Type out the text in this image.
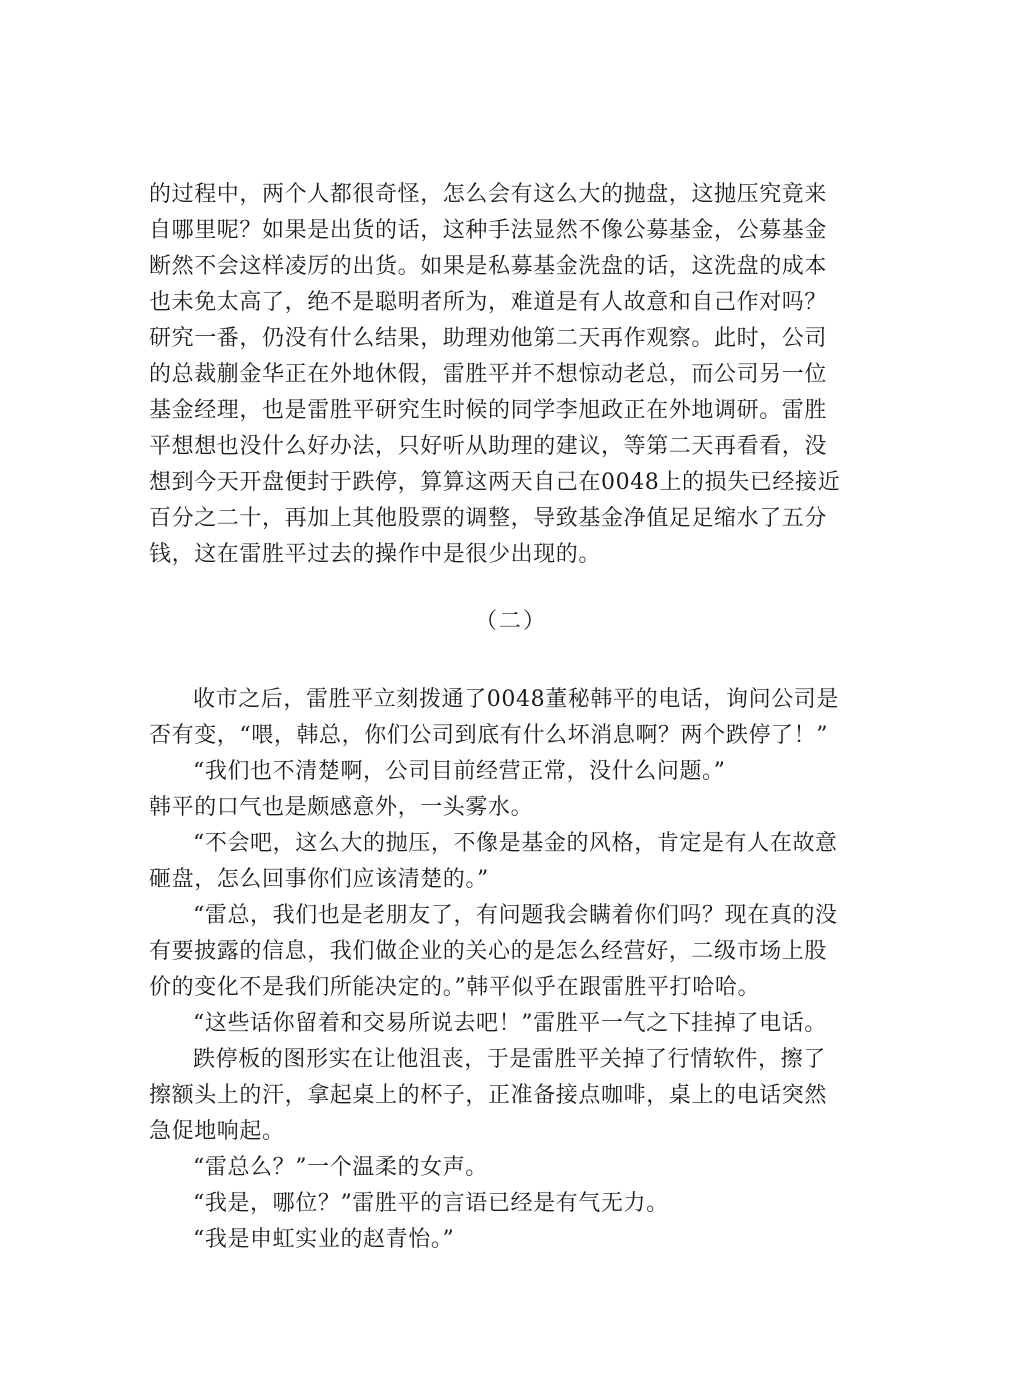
的过程中，两个人都很奇怪，怎么会有这么大的抛盘，这抛压究竟来
自哪里呢？如果是出货的话，这种手法显然不像公募基金，公募基金
断然不会这样凌厉的出货。如果是私募基金洗盘的话，这洗盘的成本
也未免太高了，绝不是聪明者所为，难道是有人故意和自己作对吗？
研究一番，仍没有什么结果，助理劝他第二天再作观察。此时，公司
的总裁蒯金华正在外地休假，雷胜平并不想惊动老总，而公司另一位
基金经理，也是雷胜平研究生时候的同学李旭政正在外地调研。雷胜
平想想也没什么好办法，只好听从助理的建议，等第二天再看看，没
想到今天开盘便封于跌停，算算这两天自己在0048上的损失已经接近
百分之二十，再加上其他股票的调整，导致基金净值足足缩水了五分
钱，这在雷胜平过去的操作中是很少出现的。
（二）
收市之后，雷胜平立刻拨通了0048董秘韩平的电话，询问公司是
否有变，“喂，韩总，你们公司到底有什么坏消息啊？两个跌停了！”
“我们也不清楚啊，公司目前经营正常，没什么问题。”
韩平的口气也是颇感意外，一头雾水。
“不会吧，这么大的抛压，不像是基金的风格，肯定是有人在故意
砸盘，怎么回事你们应该清楚的。”
“雷总，我们也是老朋友了，有问题我会瞒着你们吗？现在真的没
有要披露的信息，我们做企业的关心的是怎么经营好，二级市场上股
价的变化不是我们所能决定的。”韩平似乎在跟雷胜平打哈哈。
“这些话你留着和交易所说去吧！”雷胜平一气之下挂掉了电话。
跌停板的图形实在让他沮丧，于是雷胜平关掉了行情软件，擦了
擦额头上的汗，拿起桌上的杯子，正准备接点咖啡，桌上的电话突然
急促地响起。
“雷总么？”一个温柔的女声。
“我是，哪位？”雷胜平的言语已经是有气无力。
“我是申虹实业的赵青怡。”
